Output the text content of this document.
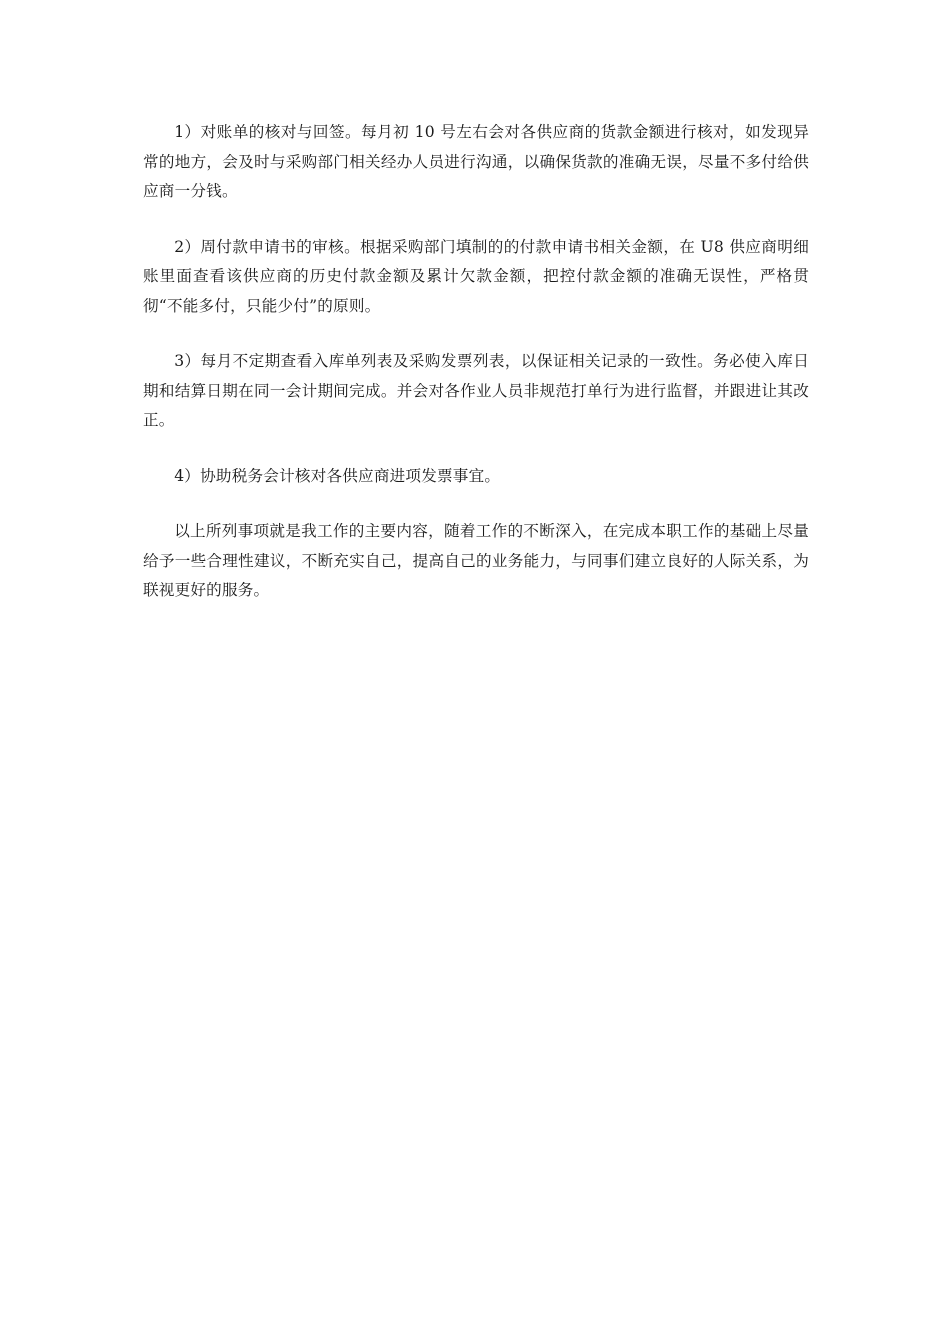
1）对账单的核对与回签。每月初 10 号左右会对各供应商的货款金额进行核对，如发现异常的地方，会及时与采购部门相关经办人员进行沟通，以确保货款的准确无误，尽量不多付给供应商一分钱。

2）周付款申请书的审核。根据采购部门填制的的付款申请书相关金额，在 U8 供应商明细账里面查看该供应商的历史付款金额及累计欠款金额，把控付款金额的准确无误性，严格贯彻“不能多付，只能少付”的原则。

3）每月不定期查看入库单列表及采购发票列表，以保证相关记录的一致性。务必使入库日期和结算日期在同一会计期间完成。并会对各作业人员非规范打单行为进行监督，并跟进让其改正。

4）协助税务会计核对各供应商进项发票事宜。

以上所列事项就是我工作的主要内容，随着工作的不断深入，在完成本职工作的基础上尽量给予一些合理性建议，不断充实自己，提高自己的业务能力，与同事们建立良好的人际关系，为联视更好的服务。
